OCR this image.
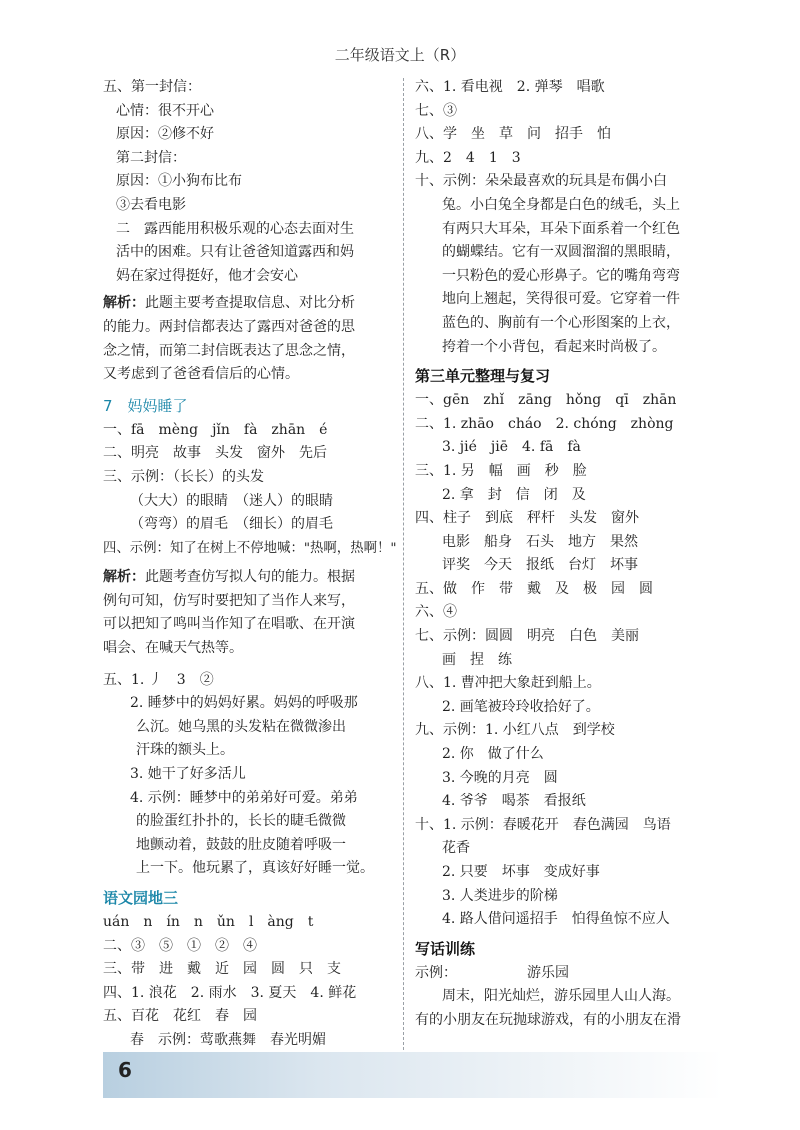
二年级语文上（R）
五、第一封信：
心情：很不开心
原因：②修不好
第二封信：
原因：①小狗布比布
③去看电影
二　露西能用积极乐观的心态去面对生
活中的困难。只有让爸爸知道露西和妈
妈在家过得挺好，他才会安心
解析：此题主要考查提取信息、对比分析
的能力。两封信都表达了露西对爸爸的思
念之情，而第二封信既表达了思念之情，
又考虑到了爸爸看信后的心情。
7　妈妈睡了
一、fā　mèng　jǐn　fà　zhān　é
二、明亮　故事　头发　窗外　先后
三、示例：（长长）的头发
（大大）的眼睛　（迷人）的眼睛
（弯弯）的眉毛　（细长）的眉毛
四、示例：知了在树上不停地喊："热啊，热啊！"
解析：此题考查仿写拟人句的能力。根据
例句可知，仿写时要把知了当作人来写，
可以把知了鸣叫当作知了在唱歌、在开演
唱会、在喊天气热等。
五、1. 丿　3　②
2. 睡梦中的妈妈好累。妈妈的呼吸那
么沉。她乌黑的头发粘在微微渗出
汗珠的额头上。
3. 她干了好多活儿
4. 示例：睡梦中的弟弟好可爱。弟弟
的脸蛋红扑扑的，长长的睫毛微微
地颤动着，鼓鼓的肚皮随着呼吸一
上一下。他玩累了，真该好好睡一觉。
语文园地三
uán　n　ín　n　ǔn　l　àng　t
二、③　⑤　①　②　④
三、带　进　戴　近　园　圆　只　支
四、1. 浪花　2. 雨水　3. 夏天　4. 鲜花
五、百花　花红　春　园
春　示例：莺歌燕舞　春光明媚
六、1. 看电视　2. 弹琴　唱歌
七、③
八、学　坐　草　问　招手　怕
九、2　4　1　3
十、示例：朵朵最喜欢的玩具是布偶小白
兔。小白兔全身都是白色的绒毛，头上
有两只大耳朵，耳朵下面系着一个红色
的蝴蝶结。它有一双圆溜溜的黑眼睛，
一只粉色的爱心形鼻子。它的嘴角弯弯
地向上翘起，笑得很可爱。它穿着一件
蓝色的、胸前有一个心形图案的上衣，
挎着一个小背包，看起来时尚极了。
第三单元整理与复习
一、gēn　zhǐ　zāng　hǒng　qī　zhān
二、1. zhāo　cháo　2. chóng　zhòng
3. jié　jiē　4. fā　fà
三、1. 另　幅　画　秒　脸
2. 拿　封　信　闭　及
四、柱子　到底　秤杆　头发　窗外
电影　船身　石头　地方　果然
评奖　今天　报纸　台灯　坏事
五、做　作　带　戴　及　极　园　圆
六、④
七、示例：圆圆　明亮　白色　美丽
画　捏　练
八、1. 曹冲把大象赶到船上。
2. 画笔被玲玲收拾好了。
九、示例：1. 小红八点　到学校
2. 你　做了什么
3. 今晚的月亮　圆
4. 爷爷　喝茶　看报纸
十、1. 示例：春暖花开　春色满园　鸟语
花香
2. 只要　坏事　变成好事
3. 人类进步的阶梯
4. 路人借问遥招手　怕得鱼惊不应人
写话训练
示例：	游乐园
周末，阳光灿烂，游乐园里人山人海。
有的小朋友在玩抛球游戏，有的小朋友在滑
6
